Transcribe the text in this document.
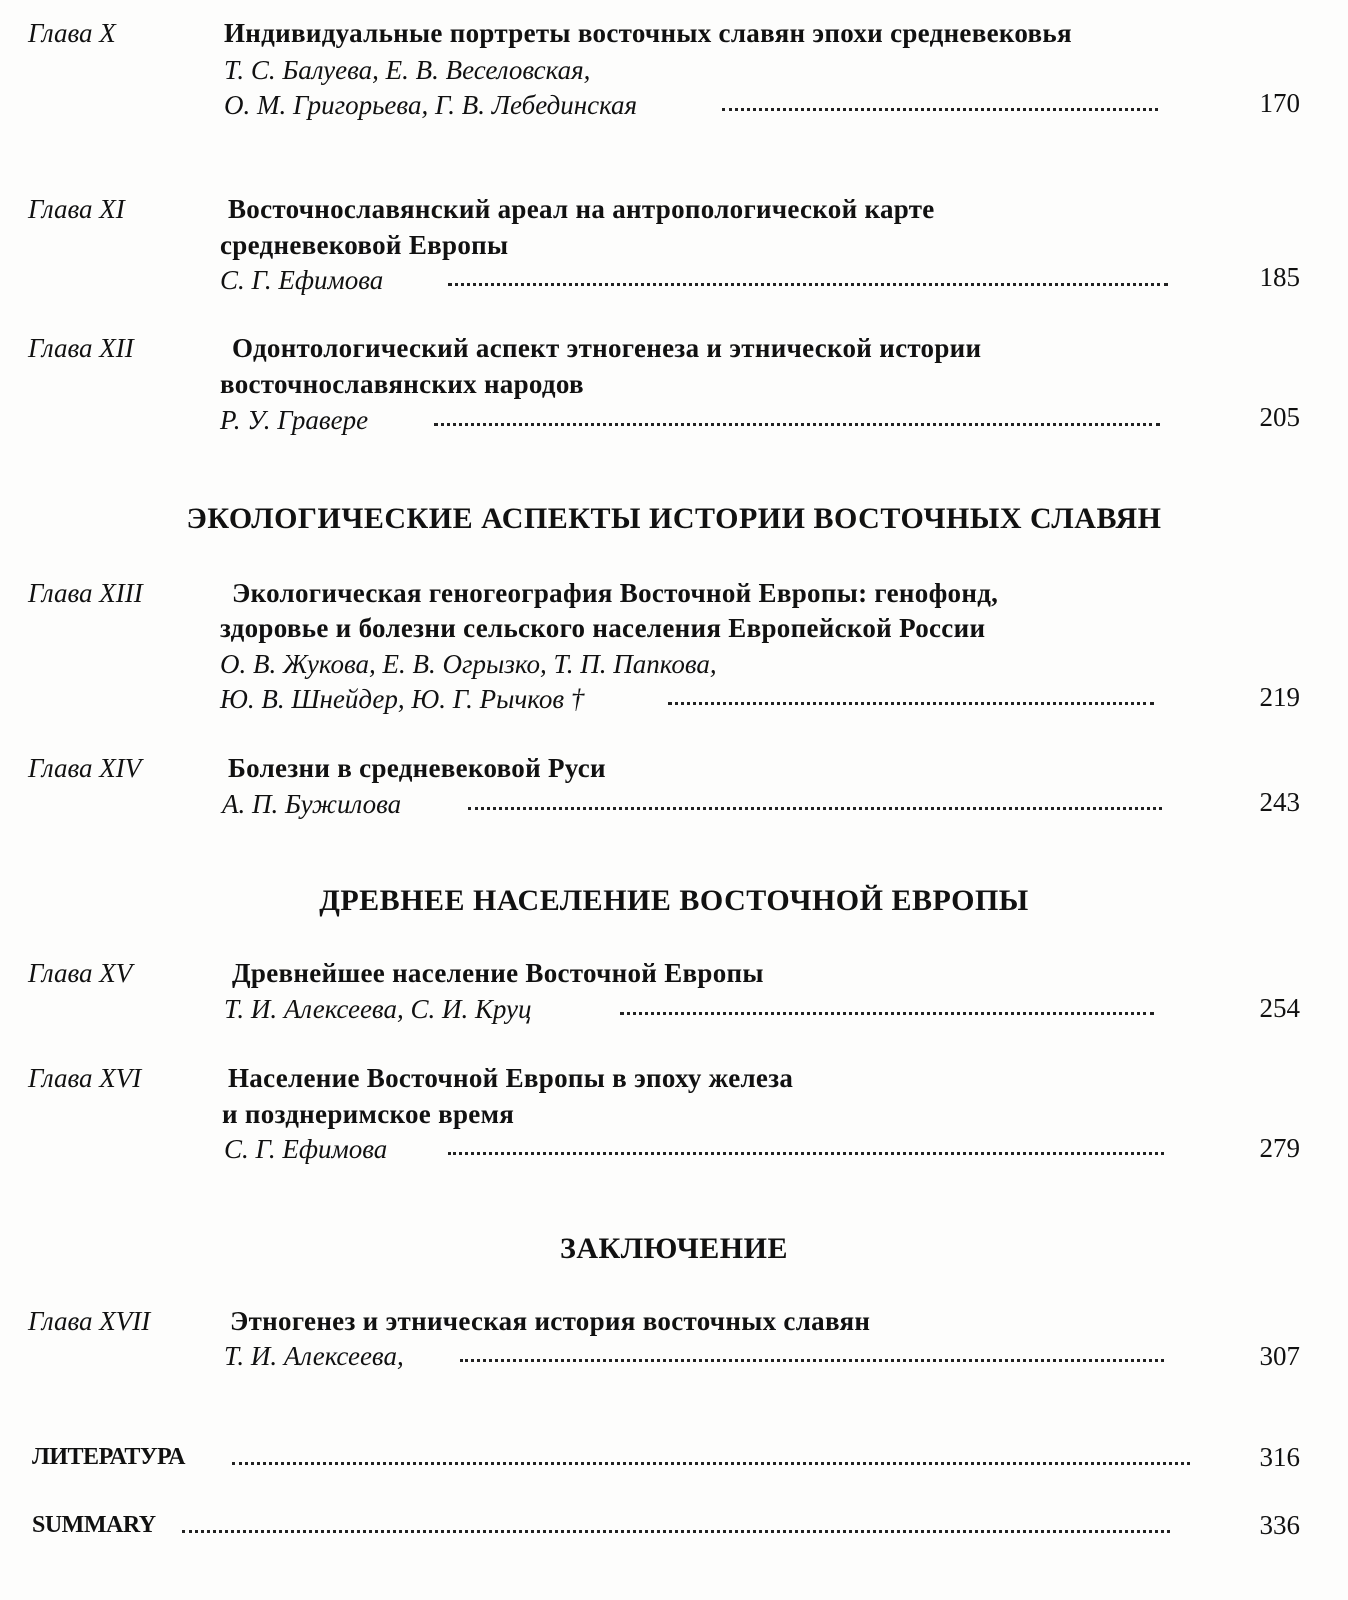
Глава X	Индивидуальные портреты восточных славян эпохи средневековья
Т. С. Балуева, Е. В. Веселовская,
О. М. Григорьева, Г. В. Лебединская	170
Глава XI	Восточнославянский ареал на антропологической карте
средневековой Европы
С. Г. Ефимова	185
Глава XII	Одонтологический аспект этногенеза и этнической истории
восточнославянских народов
Р. У. Гравере	205
ЭКОЛОГИЧЕСКИЕ АСПЕКТЫ ИСТОРИИ ВОСТОЧНЫХ СЛАВЯН
Глава XIII	Экологическая геногеография Восточной Европы: генофонд,
здоровье и болезни сельского населения Европейской России
О. В. Жукова, Е. В. Огрызко, Т. П. Папкова,
Ю. В. Шнейдер, Ю. Г. Рычков †	219
Глава XIV	Болезни в средневековой Руси
А. П. Бужилова	243
ДРЕВНЕЕ НАСЕЛЕНИЕ ВОСТОЧНОЙ ЕВРОПЫ
Глава XV	Древнейшее население Восточной Европы
Т. И. Алексеева, С. И. Круц	254
Глава XVI	Население Восточной Европы в эпоху железа
и позднеримское время
С. Г. Ефимова	279
ЗАКЛЮЧЕНИЕ
Глава XVII	Этногенез и этническая история восточных славян
Т. И. Алексеева,	307
ЛИТЕРАТУРА	316
SUMMARY	336
